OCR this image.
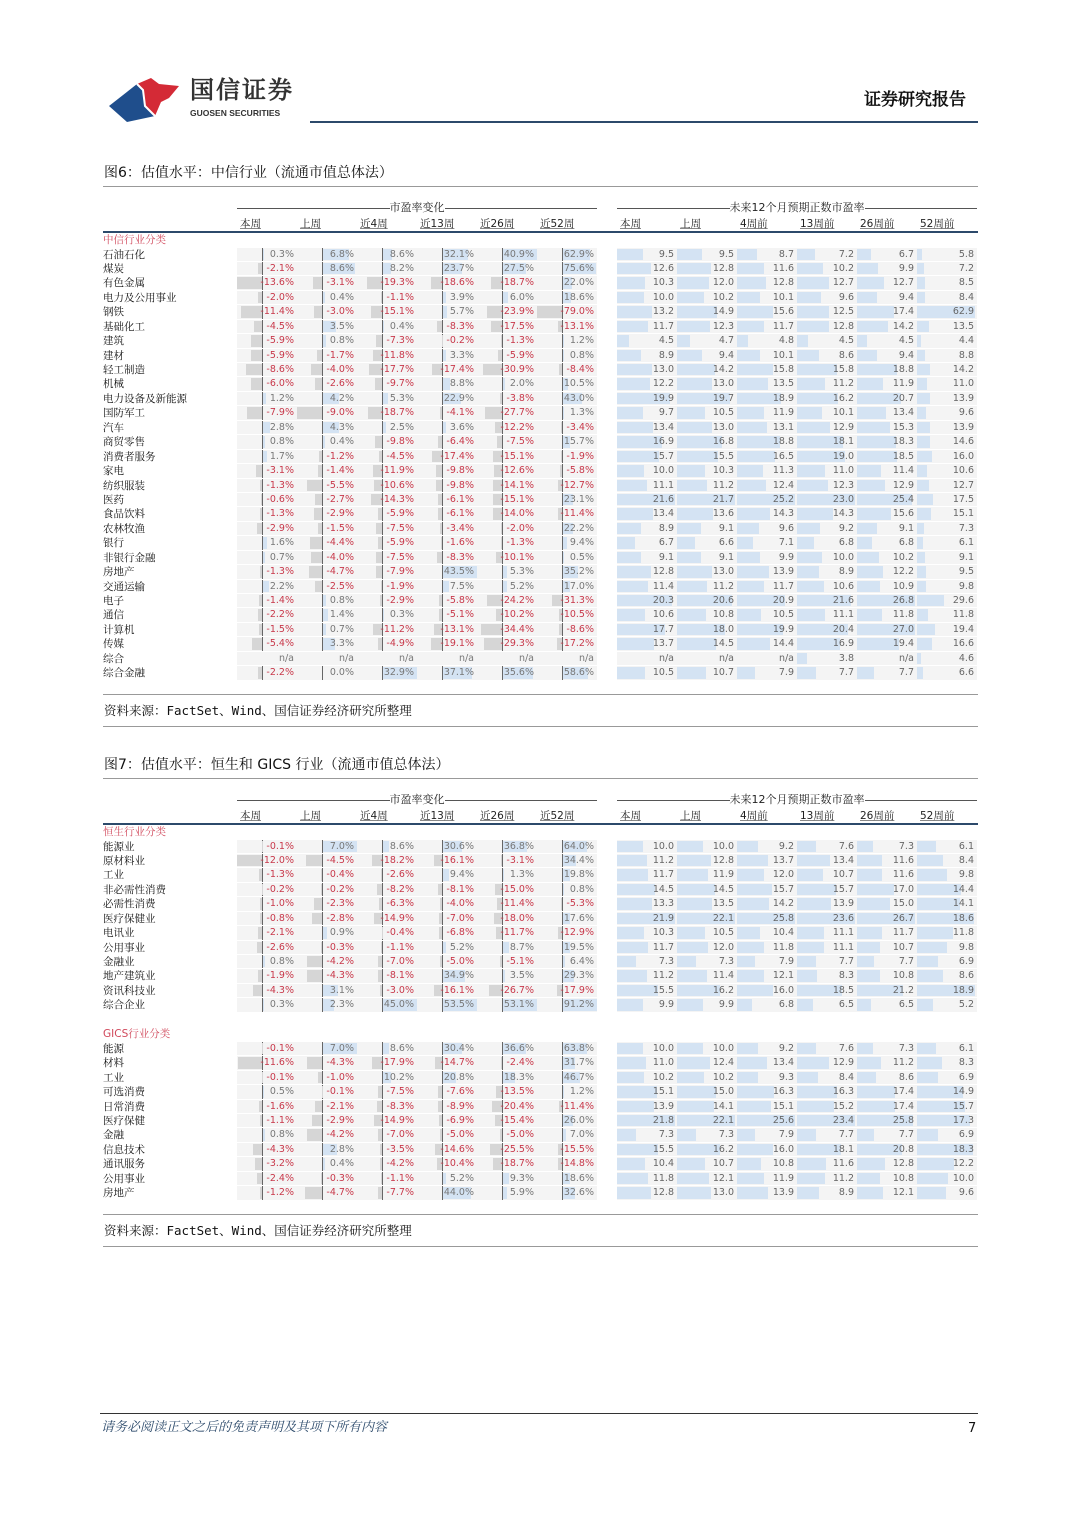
国信证券
GUOSEN SECURITIES
证券研究报告
图6：估值水平：中信行业（流通市值总体法）
市盈率变化	未来12个月预期正数市盈率
本周	上周	近4周	近13周	近26周	近52周	本周	上周	4周前	13周前	26周前	52周前
中信行业分类
石油石化	0.3%	6.8%	8.6%	32.1%	40.9%	62.9%	9.5	9.5	8.7	7.2	6.7	5.8
煤炭	-2.1%	8.6%	8.2%	23.7%	27.5%	75.6%	12.6	12.8	11.6	10.2	9.9	7.2
有色金属	-13.6%	-3.1%	-19.3%	-18.6%	-18.7%	22.0%	10.3	12.0	12.8	12.7	12.7	8.5
电力及公用事业	-2.0%	0.4%	-1.1%	3.9%	6.0%	18.6%	10.0	10.2	10.1	9.6	9.4	8.4
钢铁	-11.4%	-3.0%	-15.1%	5.7%	-23.9%	-79.0%	13.2	14.9	15.6	12.5	17.4	62.9
基础化工	-4.5%	3.5%	0.4%	-8.3%	-17.5%	-13.1%	11.7	12.3	11.7	12.8	14.2	13.5
建筑	-5.9%	0.8%	-7.3%	-0.2%	-1.3%	1.2%	4.5	4.7	4.8	4.5	4.5	4.4
建材	-5.9%	-1.7%	-11.8%	3.3%	-5.9%	0.8%	8.9	9.4	10.1	8.6	9.4	8.8
轻工制造	-8.6%	-4.0%	-17.7%	-17.4%	-30.9%	-8.4%	13.0	14.2	15.8	15.8	18.8	14.2
机械	-6.0%	-2.6%	-9.7%	8.8%	2.0%	10.5%	12.2	13.0	13.5	11.2	11.9	11.0
电力设备及新能源	1.2%	4.2%	5.3%	22.9%	-3.8%	43.0%	19.9	19.7	18.9	16.2	20.7	13.9
国防军工	-7.9%	-9.0%	-18.7%	-4.1%	-27.7%	1.3%	9.7	10.5	11.9	10.1	13.4	9.6
汽车	2.8%	4.3%	2.5%	3.6%	-12.2%	-3.4%	13.4	13.0	13.1	12.9	15.3	13.9
商贸零售	0.8%	0.4%	-9.8%	-6.4%	-7.5%	15.7%	16.9	16.8	18.8	18.1	18.3	14.6
消费者服务	1.7%	-1.2%	-4.5%	-17.4%	-15.1%	-1.9%	15.7	15.5	16.5	19.0	18.5	16.0
家电	-3.1%	-1.4%	-11.9%	-9.8%	-12.6%	-5.8%	10.0	10.3	11.3	11.0	11.4	10.6
纺织服装	-1.3%	-5.5%	-10.6%	-9.8%	-14.1%	-12.7%	11.1	11.2	12.4	12.3	12.9	12.7
医药	-0.6%	-2.7%	-14.3%	-6.1%	-15.1%	23.1%	21.6	21.7	25.2	23.0	25.4	17.5
食品饮料	-1.3%	-2.9%	-5.9%	-6.1%	-14.0%	-11.4%	13.4	13.6	14.3	14.3	15.6	15.1
农林牧渔	-2.9%	-1.5%	-7.5%	-3.4%	-2.0%	22.2%	8.9	9.1	9.6	9.2	9.1	7.3
银行	1.6%	-4.4%	-5.9%	-1.6%	-1.3%	9.4%	6.7	6.6	7.1	6.8	6.8	6.1
非银行金融	0.7%	-4.0%	-7.5%	-8.3%	-10.1%	0.5%	9.1	9.1	9.9	10.0	10.2	9.1
房地产	-1.3%	-4.7%	-7.9%	43.5%	5.3%	35.2%	12.8	13.0	13.9	8.9	12.2	9.5
交通运输	2.2%	-2.5%	-1.9%	7.5%	5.2%	17.0%	11.4	11.2	11.7	10.6	10.9	9.8
电子	-1.4%	0.8%	-2.9%	-5.8%	-24.2%	-31.3%	20.3	20.6	20.9	21.6	26.8	29.6
通信	-2.2%	1.4%	0.3%	-5.1%	-10.2%	-10.5%	10.6	10.8	10.5	11.1	11.8	11.8
计算机	-1.5%	0.7%	-11.2%	-13.1%	-34.4%	-8.6%	17.7	18.0	19.9	20.4	27.0	19.4
传媒	-5.4%	3.3%	-4.9%	-19.1%	-29.3%	-17.2%	13.7	14.5	14.4	16.9	19.4	16.6
综合	n/a	n/a	n/a	n/a	n/a	n/a	n/a	n/a	n/a	3.8	n/a	4.6
综合金融	-2.2%	0.0%	32.9%	37.1%	35.6%	58.6%	10.5	10.7	7.9	7.7	7.7	6.6
资料来源：FactSet、Wind、国信证券经济研究所整理
图7：估值水平：恒生和 GICS 行业（流通市值总体法）
市盈率变化	未来12个月预期正数市盈率
本周	上周	近4周	近13周	近26周	近52周	本周	上周	4周前	13周前	26周前	52周前
恒生行业分类
能源业	-0.1%	7.0%	8.6%	30.6%	36.8%	64.0%	10.0	10.0	9.2	7.6	7.3	6.1
原材料业	-12.0%	-4.5%	-18.2%	-16.1%	-3.1%	34.4%	11.2	12.8	13.7	13.4	11.6	8.4
工业	-1.3%	-0.4%	-2.6%	9.4%	1.3%	19.8%	11.7	11.9	12.0	10.7	11.6	9.8
非必需性消费	-0.2%	-0.2%	-8.2%	-8.1%	-15.0%	0.8%	14.5	14.5	15.7	15.7	17.0	14.4
必需性消费	-1.0%	-2.3%	-6.3%	-4.0%	-11.4%	-5.3%	13.3	13.5	14.2	13.9	15.0	14.1
医疗保健业	-0.8%	-2.8%	-14.9%	-7.0%	-18.0%	17.6%	21.9	22.1	25.8	23.6	26.7	18.6
电讯业	-2.1%	0.9%	-0.4%	-6.8%	-11.7%	-12.9%	10.3	10.5	10.4	11.1	11.7	11.8
公用事业	-2.6%	-0.3%	-1.1%	5.2%	8.7%	19.5%	11.7	12.0	11.8	11.1	10.7	9.8
金融业	0.8%	-4.2%	-7.0%	-5.0%	-5.1%	6.4%	7.3	7.3	7.9	7.7	7.7	6.9
地产建筑业	-1.9%	-4.3%	-8.1%	34.9%	3.5%	29.3%	11.2	11.4	12.1	8.3	10.8	8.6
资讯科技业	-4.3%	3.1%	-3.0%	-16.1%	-26.7%	-17.9%	15.5	16.2	16.0	18.5	21.2	18.9
综合企业	0.3%	2.3%	45.0%	53.5%	53.1%	91.2%	9.9	9.9	6.8	6.5	6.5	5.2
GICS行业分类
能源	-0.1%	7.0%	8.6%	30.4%	36.6%	63.8%	10.0	10.0	9.2	7.6	7.3	6.1
材料	-11.6%	-4.3%	-17.9%	-14.7%	-2.4%	31.7%	11.0	12.4	13.4	12.9	11.2	8.3
工业	-0.1%	-1.0%	10.2%	20.8%	18.3%	46.7%	10.2	10.2	9.3	8.4	8.6	6.9
可选消费	0.5%	-0.1%	-7.5%	-7.6%	-13.5%	1.2%	15.1	15.0	16.3	16.3	17.4	14.9
日常消费	-1.6%	-2.1%	-8.3%	-8.9%	-20.4%	-11.4%	13.9	14.1	15.1	15.2	17.4	15.7
医疗保健	-1.1%	-2.9%	-14.9%	-6.9%	-15.4%	26.0%	21.8	22.1	25.6	23.4	25.8	17.3
金融	0.8%	-4.2%	-7.0%	-5.0%	-5.0%	7.0%	7.3	7.3	7.9	7.7	7.7	6.9
信息技术	-4.3%	2.8%	-3.5%	-14.6%	-25.5%	-15.5%	15.5	16.2	16.0	18.1	20.8	18.3
通讯服务	-3.2%	0.4%	-4.2%	-10.4%	-18.7%	-14.8%	10.4	10.7	10.8	11.6	12.8	12.2
公用事业	-2.4%	-0.3%	-1.1%	5.2%	9.3%	18.6%	11.8	12.1	11.9	11.2	10.8	10.0
房地产	-1.2%	-4.7%	-7.7%	44.0%	5.9%	32.6%	12.8	13.0	13.9	8.9	12.1	9.6
资料来源：FactSet、Wind、国信证券经济研究所整理
请务必阅读正文之后的免责声明及其项下所有内容	7
